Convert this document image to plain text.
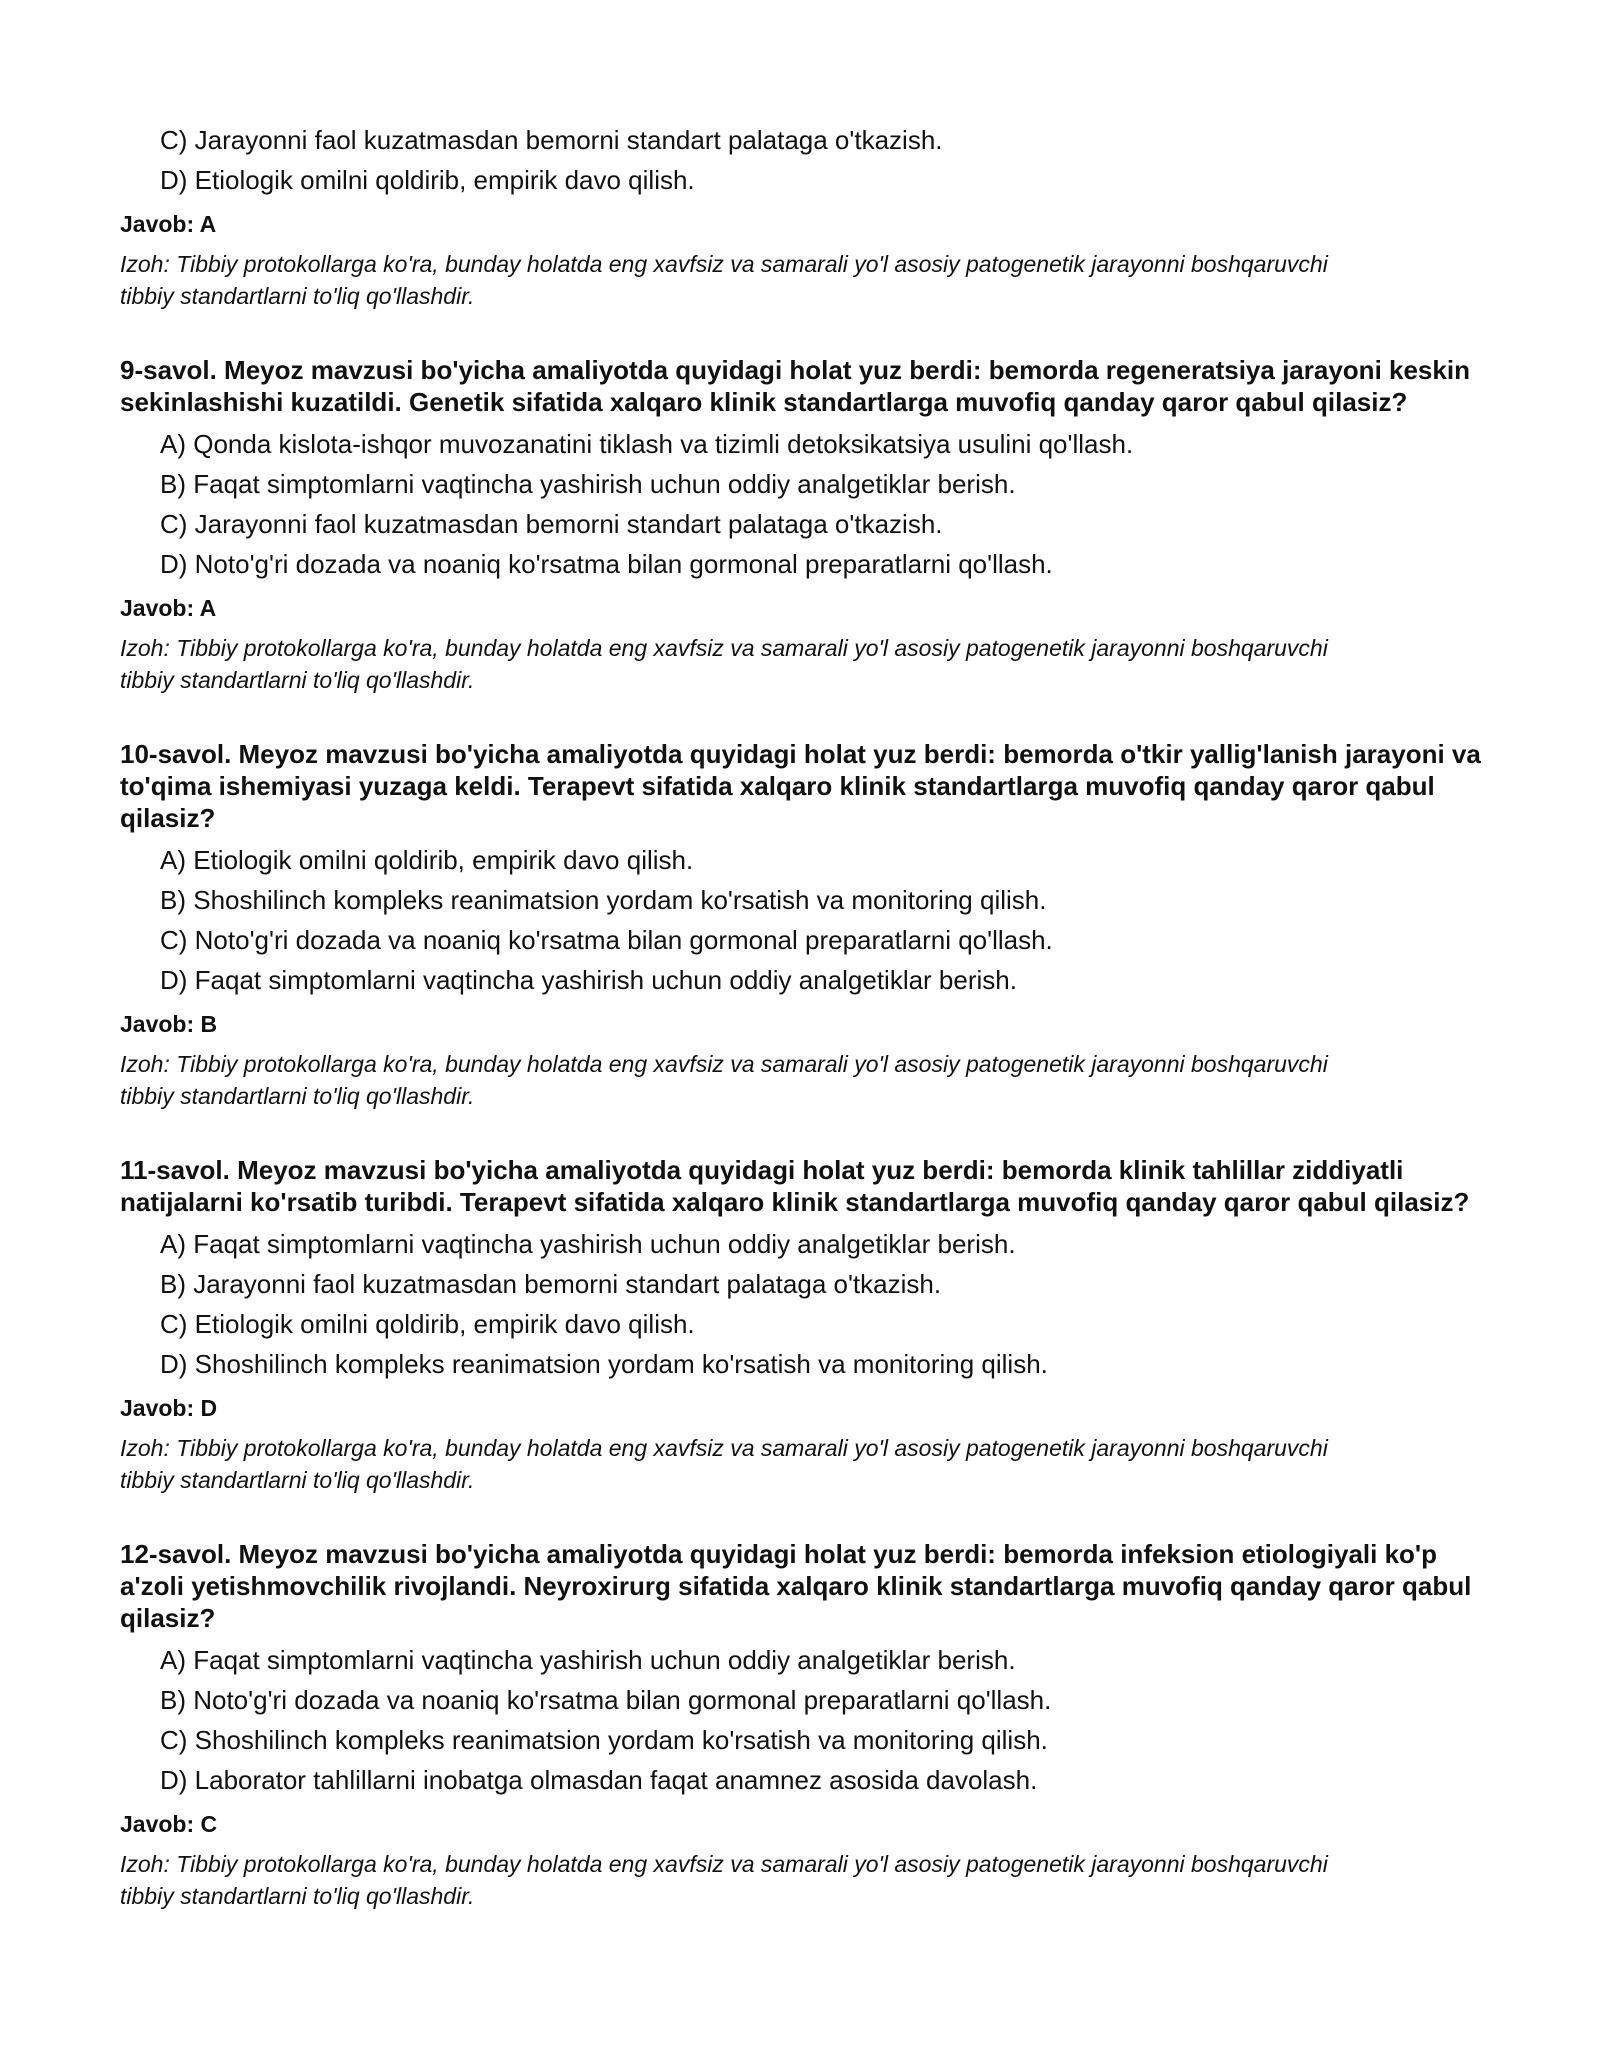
C) Jarayonni faol kuzatmasdan bemorni standart palataga o'tkazish.
D) Etiologik omilni qoldirib, empirik davo qilish.
Javob: A
Izoh: Tibbiy protokollarga ko'ra, bunday holatda eng xavfsiz va samarali yo'l asosiy patogenetik jarayonni boshqaruvchi tibbiy standartlarni to'liq qo'llashdir.
9-savol. Meyoz mavzusi bo'yicha amaliyotda quyidagi holat yuz berdi: bemorda regeneratsiya jarayoni keskin sekinlashishi kuzatildi. Genetik sifatida xalqaro klinik standartlarga muvofiq qanday qaror qabul qilasiz?
A) Qonda kislota-ishqor muvozanatini tiklash va tizimli detoksikatsiya usulini qo'llash.
B) Faqat simptomlarni vaqtincha yashirish uchun oddiy analgetiklar berish.
C) Jarayonni faol kuzatmasdan bemorni standart palataga o'tkazish.
D) Noto'g'ri dozada va noaniq ko'rsatma bilan gormonal preparatlarni qo'llash.
Javob: A
Izoh: Tibbiy protokollarga ko'ra, bunday holatda eng xavfsiz va samarali yo'l asosiy patogenetik jarayonni boshqaruvchi tibbiy standartlarni to'liq qo'llashdir.
10-savol. Meyoz mavzusi bo'yicha amaliyotda quyidagi holat yuz berdi: bemorda o'tkir yallig'lanish jarayoni va to'qima ishemiyasi yuzaga keldi. Terapevt sifatida xalqaro klinik standartlarga muvofiq qanday qaror qabul qilasiz?
A) Etiologik omilni qoldirib, empirik davo qilish.
B) Shoshilinch kompleks reanimatsion yordam ko'rsatish va monitoring qilish.
C) Noto'g'ri dozada va noaniq ko'rsatma bilan gormonal preparatlarni qo'llash.
D) Faqat simptomlarni vaqtincha yashirish uchun oddiy analgetiklar berish.
Javob: B
Izoh: Tibbiy protokollarga ko'ra, bunday holatda eng xavfsiz va samarali yo'l asosiy patogenetik jarayonni boshqaruvchi tibbiy standartlarni to'liq qo'llashdir.
11-savol. Meyoz mavzusi bo'yicha amaliyotda quyidagi holat yuz berdi: bemorda klinik tahlillar ziddiyatli natijalarni ko'rsatib turibdi. Terapevt sifatida xalqaro klinik standartlarga muvofiq qanday qaror qabul qilasiz?
A) Faqat simptomlarni vaqtincha yashirish uchun oddiy analgetiklar berish.
B) Jarayonni faol kuzatmasdan bemorni standart palataga o'tkazish.
C) Etiologik omilni qoldirib, empirik davo qilish.
D) Shoshilinch kompleks reanimatsion yordam ko'rsatish va monitoring qilish.
Javob: D
Izoh: Tibbiy protokollarga ko'ra, bunday holatda eng xavfsiz va samarali yo'l asosiy patogenetik jarayonni boshqaruvchi tibbiy standartlarni to'liq qo'llashdir.
12-savol. Meyoz mavzusi bo'yicha amaliyotda quyidagi holat yuz berdi: bemorda infeksion etiologiyali ko'p a'zoli yetishmovchilik rivojlandi. Neyroxirurg sifatida xalqaro klinik standartlarga muvofiq qanday qaror qabul qilasiz?
A) Faqat simptomlarni vaqtincha yashirish uchun oddiy analgetiklar berish.
B) Noto'g'ri dozada va noaniq ko'rsatma bilan gormonal preparatlarni qo'llash.
C) Shoshilinch kompleks reanimatsion yordam ko'rsatish va monitoring qilish.
D) Laborator tahlillarni inobatga olmasdan faqat anamnez asosida davolash.
Javob: C
Izoh: Tibbiy protokollarga ko'ra, bunday holatda eng xavfsiz va samarali yo'l asosiy patogenetik jarayonni boshqaruvchi tibbiy standartlarni to'liq qo'llashdir.
